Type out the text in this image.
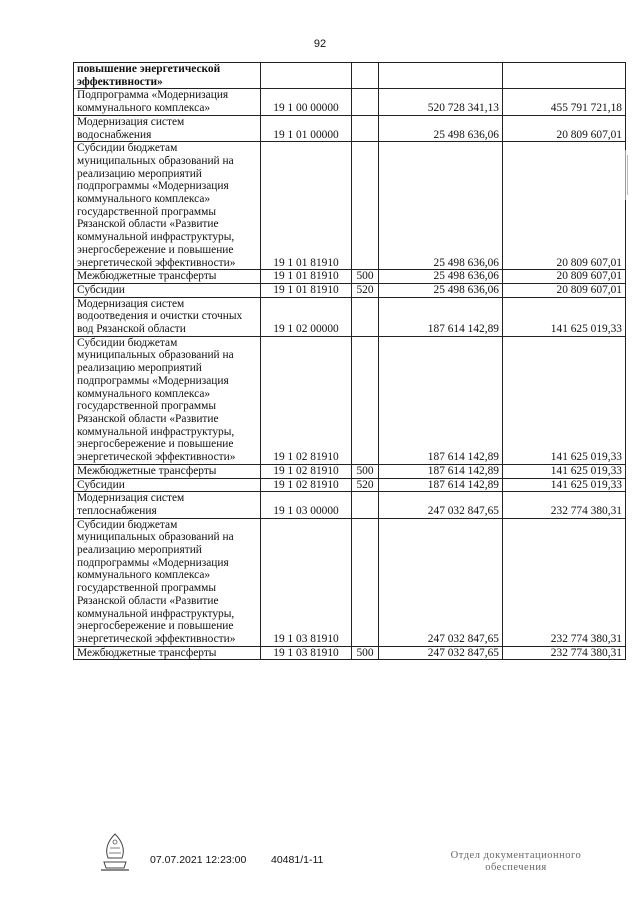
92
повышение энергетической эффективности»				
Подпрограмма «Модернизация коммунального комплекса»	19 1 00 00000		520 728 341,13	455 791 721,18
Модернизация систем водоснабжения	19 1 01 00000		25 498 636,06	20 809 607,01
Субсидии бюджетам муниципальных образований на реализацию мероприятий подпрограммы «Модернизация коммунального комплекса» государственной программы Рязанской области «Развитие коммунальной инфраструктуры, энергосбережение и повышение энергетической эффективности»	19 1 01 81910		25 498 636,06	20 809 607,01
Межбюджетные трансферты	19 1 01 81910	500	25 498 636,06	20 809 607,01
Субсидии	19 1 01 81910	520	25 498 636,06	20 809 607,01
Модернизация систем водоотведения и очистки сточных вод Рязанской области	19 1 02 00000		187 614 142,89	141 625 019,33
Субсидии бюджетам муниципальных образований на реализацию мероприятий подпрограммы «Модернизация коммунального комплекса» государственной программы Рязанской области «Развитие коммунальной инфраструктуры, энергосбережение и повышение энергетической эффективности»	19 1 02 81910		187 614 142,89	141 625 019,33
Межбюджетные трансферты	19 1 02 81910	500	187 614 142,89	141 625 019,33
Субсидии	19 1 02 81910	520	187 614 142,89	141 625 019,33
Модернизация систем теплоснабжения	19 1 03 00000		247 032 847,65	232 774 380,31
Субсидии бюджетам муниципальных образований на реализацию мероприятий подпрограммы «Модернизация коммунального комплекса» государственной программы Рязанской области «Развитие коммунальной инфраструктуры, энергосбережение и повышение энергетической эффективности»	19 1 03 81910		247 032 847,65	232 774 380,31
Межбюджетные трансферты	19 1 03 81910	500	247 032 847,65	232 774 380,31
07.07.2021 12:23:00 40481/1-11	Отдел документационного обеспечения
